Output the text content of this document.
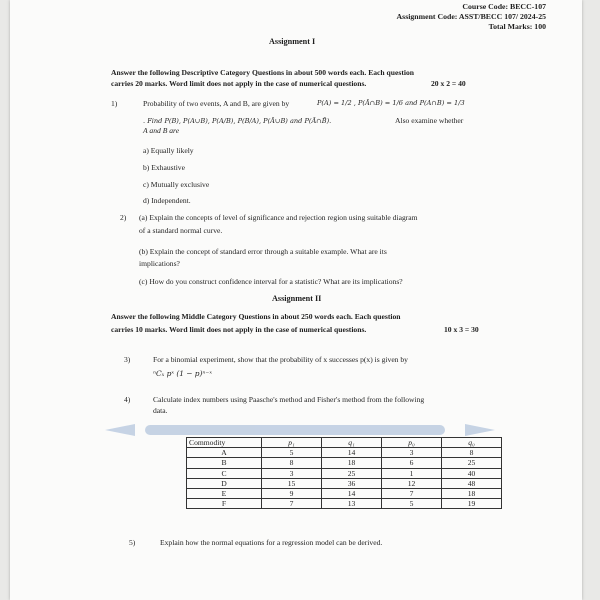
Course Code: BECC-107
Assignment Code: ASST/BECC 107/ 2024-25
Total Marks: 100
Assignment I
Answer the following Descriptive Category Questions in about 500 words each. Each question
carries 20 marks. Word limit does not apply in the case of numerical questions.	20 x 2 = 40
1)	Probability of two events, A and B, are given by	P(A) = 1/2 , P(Ā∩B) = 1/6 and P(A∩B) = 1/3
. Find P(B), P(A∪B), P(A/B), P(B/A), P(Ā∪B) and P(Ā∩B̄).	Also examine whether
A and B are
a) Equally likely
b) Exhaustive
c) Mutually exclusive
d) Independent.
2) (a) Explain the concepts of level of significance and rejection region using suitable diagram
of a standard normal curve.
(b) Explain the concept of standard error through a suitable example. What are its
implications?
(c) How do you construct confidence interval for a statistic? What are its implications?
Assignment II
Answer the following Middle Category Questions in about 250 words each. Each question
carries 10 marks. Word limit does not apply in the case of numerical questions.	10 x 3 = 30
3)	For a binomial experiment, show that the probability of x successes p(x) is given by
ⁿCₓ pˣ (1 − p)ⁿ⁻ˣ
4)	Calculate index numbers using Paasche's method and Fisher's method from the following
data.
Commodity	p₁	q₁	p₀	q₀
A	5	14	3	8
B	8	18	6	25
C	3	25	1	40
D	15	36	12	48
E	9	14	7	18
F	7	13	5	19
5)	Explain how the normal equations for a regression model can be derived.
